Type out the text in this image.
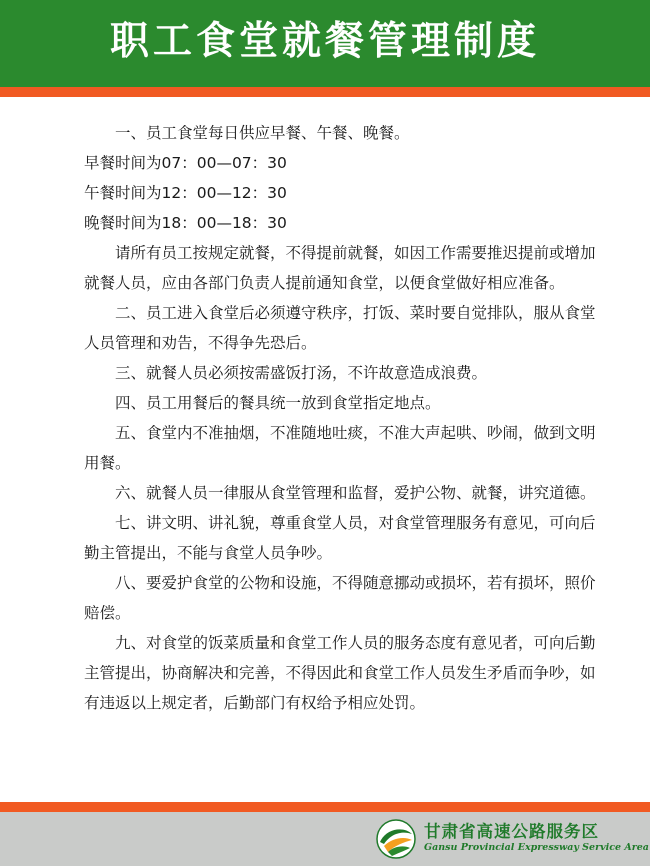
职工食堂就餐管理制度

一、员工食堂每日供应早餐、午餐、晚餐。

早餐时间为07：00—07：30

午餐时间为12：00—12：30

晚餐时间为18：00—18：30

请所有员工按规定就餐，不得提前就餐，如因工作需要推迟提前或增加就餐人员，应由各部门负责人提前通知食堂，以便食堂做好相应准备。

二、员工进入食堂后必须遵守秩序，打饭、菜时要自觉排队，服从食堂人员管理和劝告，不得争先恐后。

三、就餐人员必须按需盛饭打汤，不许故意造成浪费。

四、员工用餐后的餐具统一放到食堂指定地点。

五、食堂内不准抽烟，不准随地吐痰，不准大声起哄、吵闹，做到文明用餐。

六、就餐人员一律服从食堂管理和监督，爱护公物、就餐，讲究道德。

七、讲文明、讲礼貌，尊重食堂人员，对食堂管理服务有意见，可向后勤主管提出，不能与食堂人员争吵。

八、要爱护食堂的公物和设施，不得随意挪动或损坏，若有损坏，照价赔偿。

九、对食堂的饭菜质量和食堂工作人员的服务态度有意见者，可向后勤主管提出，协商解决和完善，不得因此和食堂工作人员发生矛盾而争吵，如有违返以上规定者，后勤部门有权给予相应处罚。

甘肃省高速公路服务区
Gansu Provincial Expressway Service Area
